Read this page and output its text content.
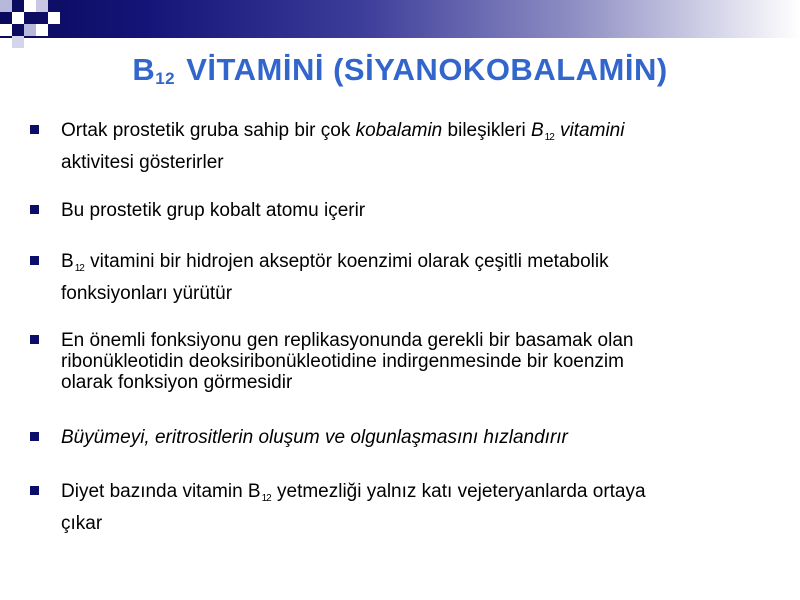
$B_{12}$ VİTAMİNİ (SİYANOKOBALAMİN)
Ortak prostetik gruba sahip bir çok kobalamin bileşikleri $B_{12}$ vitamini
aktivitesi gösterirler
Bu prostetik grup kobalt atomu içerir
$B_{12}$ vitamini bir hidrojen akseptör koenzimi olarak çeşitli metabolik
fonksiyonları yürütür
En önemli fonksiyonu gen replikasyonunda gerekli bir basamak olan
ribonükleotidin deoksiribonükleotidine indirgenmesinde bir koenzim
olarak fonksiyon görmesidir
Büyümeyi, eritrositlerin oluşum ve olgunlaşmasını hızlandırır
Diyet bazında vitamin $B_{12}$ yetmezliği yalnız katı vejeteryanlarda ortaya
çıkar
